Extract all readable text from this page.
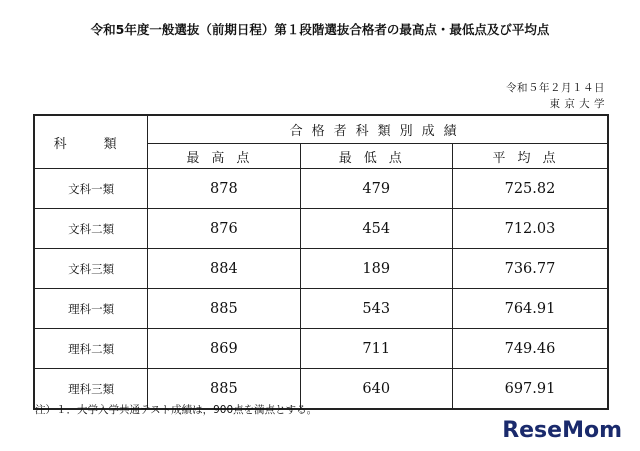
令和5年度一般選抜（前期日程）第１段階選抜合格者の最高点・最低点及び平均点
令和５年２月１４日
東 京 大 学
科　類	合格者科類別成績		
	最高点	最低点	平均点
文科一類	878	479	725.82
文科二類	876	454	712.03
文科三類	884	189	736.77
理科一類	885	543	764.91
理科二類	869	711	749.46
理科三類	885	640	697.91
注）１．大学入学共通テスト成績は，900点を満点とする。
ReseMom
